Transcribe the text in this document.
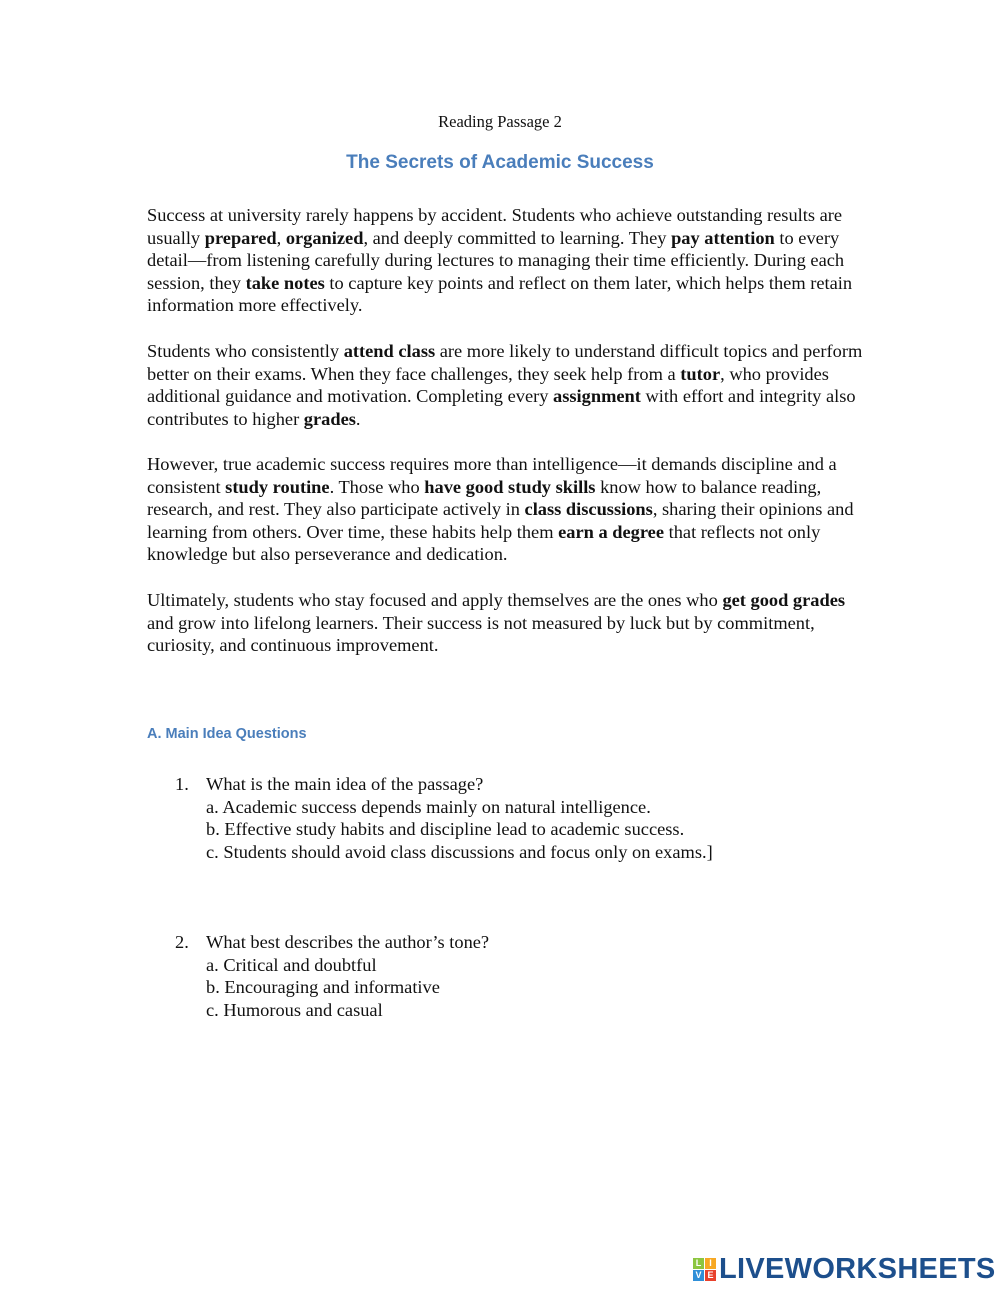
Reading Passage 2
The Secrets of Academic Success

Success at university rarely happens by accident. Students who achieve outstanding results are usually prepared, organized, and deeply committed to learning. They pay attention to every detail—from listening carefully during lectures to managing their time efficiently. During each session, they take notes to capture key points and reflect on them later, which helps them retain information more effectively.

Students who consistently attend class are more likely to understand difficult topics and perform better on their exams. When they face challenges, they seek help from a tutor, who provides additional guidance and motivation. Completing every assignment with effort and integrity also contributes to higher grades.

However, true academic success requires more than intelligence—it demands discipline and a consistent study routine. Those who have good study skills know how to balance reading, research, and rest. They also participate actively in class discussions, sharing their opinions and learning from others. Over time, these habits help them earn a degree that reflects not only knowledge but also perseverance and dedication.

Ultimately, students who stay focused and apply themselves are the ones who get good grades and grow into lifelong learners. Their success is not measured by luck but by commitment, curiosity, and continuous improvement.

A. Main Idea Questions
1. What is the main idea of the passage?
a. Academic success depends mainly on natural intelligence.
b. Effective study habits and discipline lead to academic success.
c. Students should avoid class discussions and focus only on exams.]
2. What best describes the author’s tone?
a. Critical and doubtful
b. Encouraging and informative
c. Humorous and casual
L I
V E LIVEWORKSHEETS
